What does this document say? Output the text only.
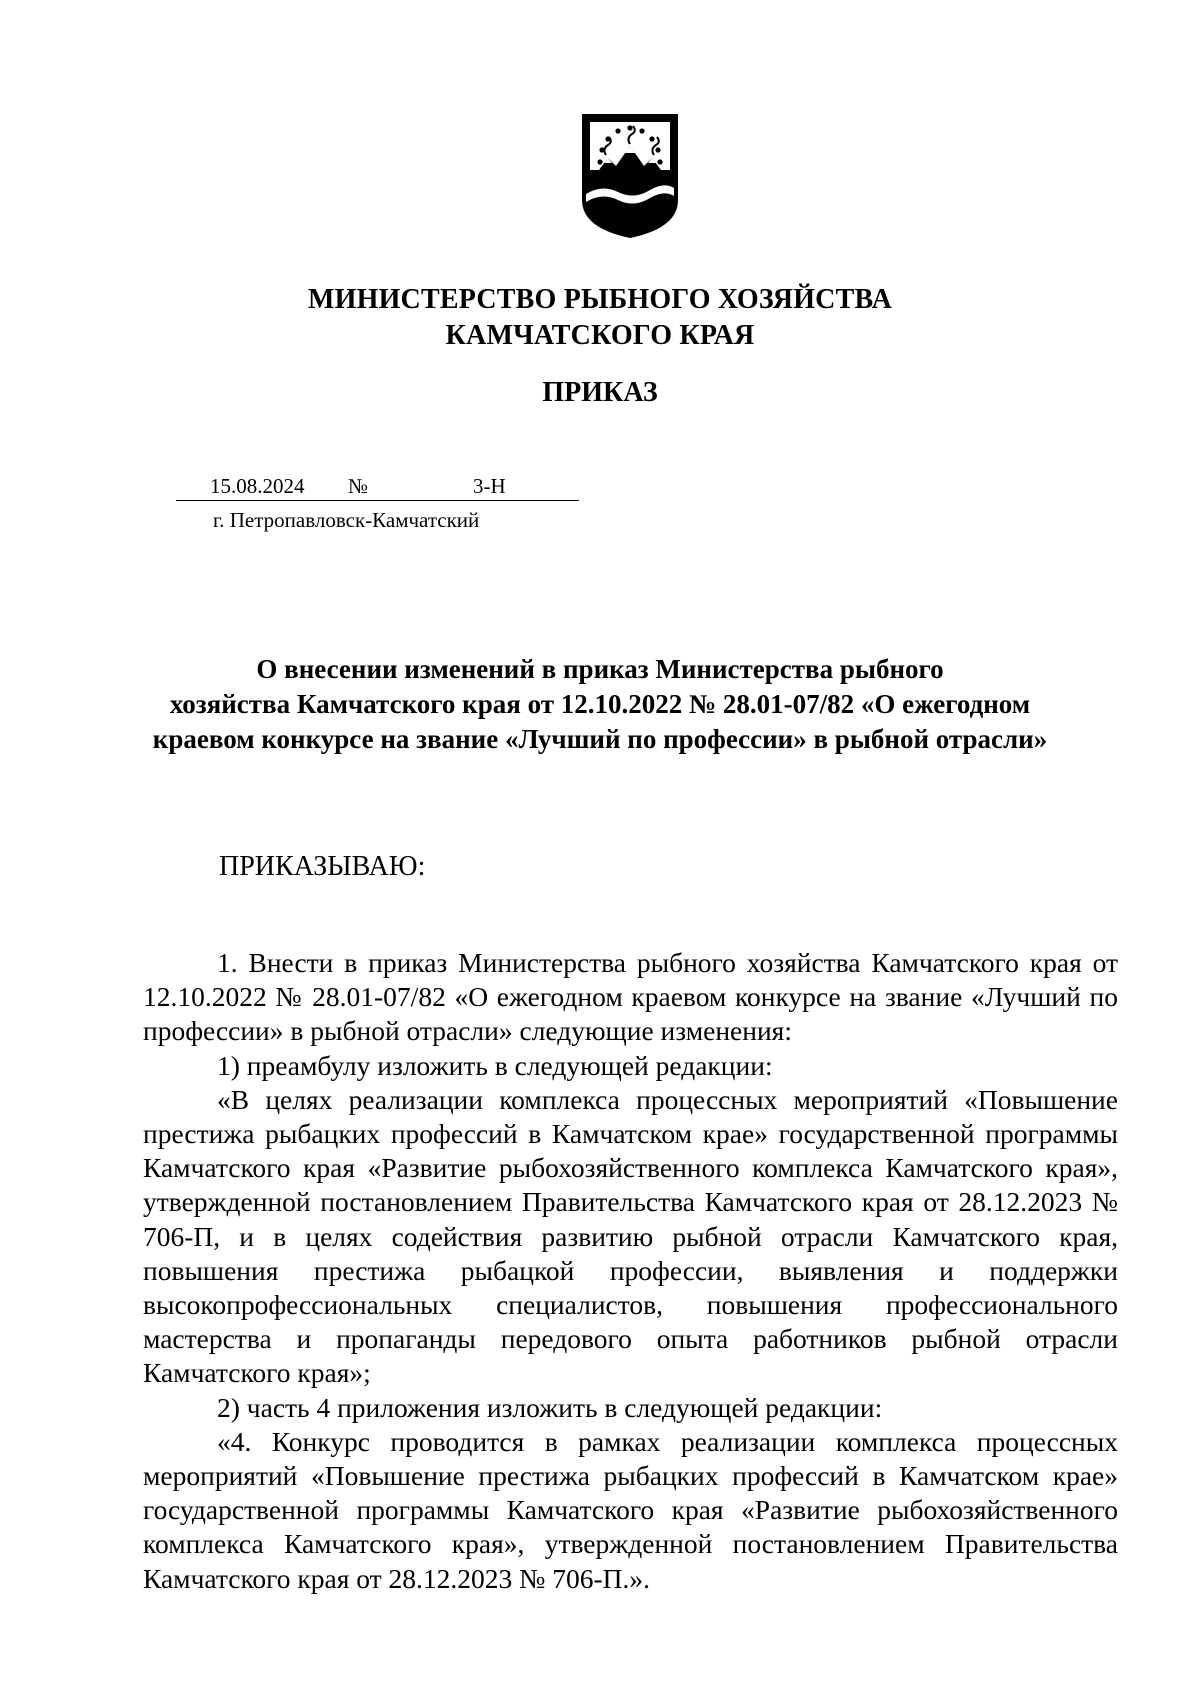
МИНИСТЕРСТВО РЫБНОГО ХОЗЯЙСТВА
КАМЧАТСКОГО КРАЯ
ПРИКАЗ
15.08.2024 №	3-Н
г. Петропавловск-Камчатский
О внесении изменений в приказ Министерства рыбного
хозяйства Камчатского края от 12.10.2022 № 28.01-07/82 «О ежегодном
краевом конкурсе на звание «Лучший по профессии» в рыбной отрасли»
ПРИКАЗЫВАЮ:

1. Внести в приказ Министерства рыбного хозяйства Камчатского края от 12.10.2022 № 28.01-07/82 «О ежегодном краевом конкурсе на звание «Лучший по профессии» в рыбной отрасли» следующие изменения:

1) преамбулу изложить в следующей редакции:

«В целях реализации комплекса процессных мероприятий «Повышение престижа рыбацких профессий в Камчатском крае» государственной программы Камчатского края «Развитие рыбохозяйственного комплекса Камчатского края», утвержденной постановлением Правительства Камчатского края от 28.12.2023 № 706-П, и в целях содействия развитию рыбной отрасли Камчатского края, повышения престижа рыбацкой профессии, выявления и поддержки высокопрофессиональных специалистов, повышения профессионального мастерства и пропаганды передового опыта работников рыбной отрасли Камчатского края»;

2) часть 4 приложения изложить в следующей редакции:

«4. Конкурс проводится в рамках реализации комплекса процессных мероприятий «Повышение престижа рыбацких профессий в Камчатском крае» государственной программы Камчатского края «Развитие рыбохозяйственного комплекса Камчатского края», утвержденной постановлением Правительства Камчатского края от 28.12.2023 № 706-П.».
